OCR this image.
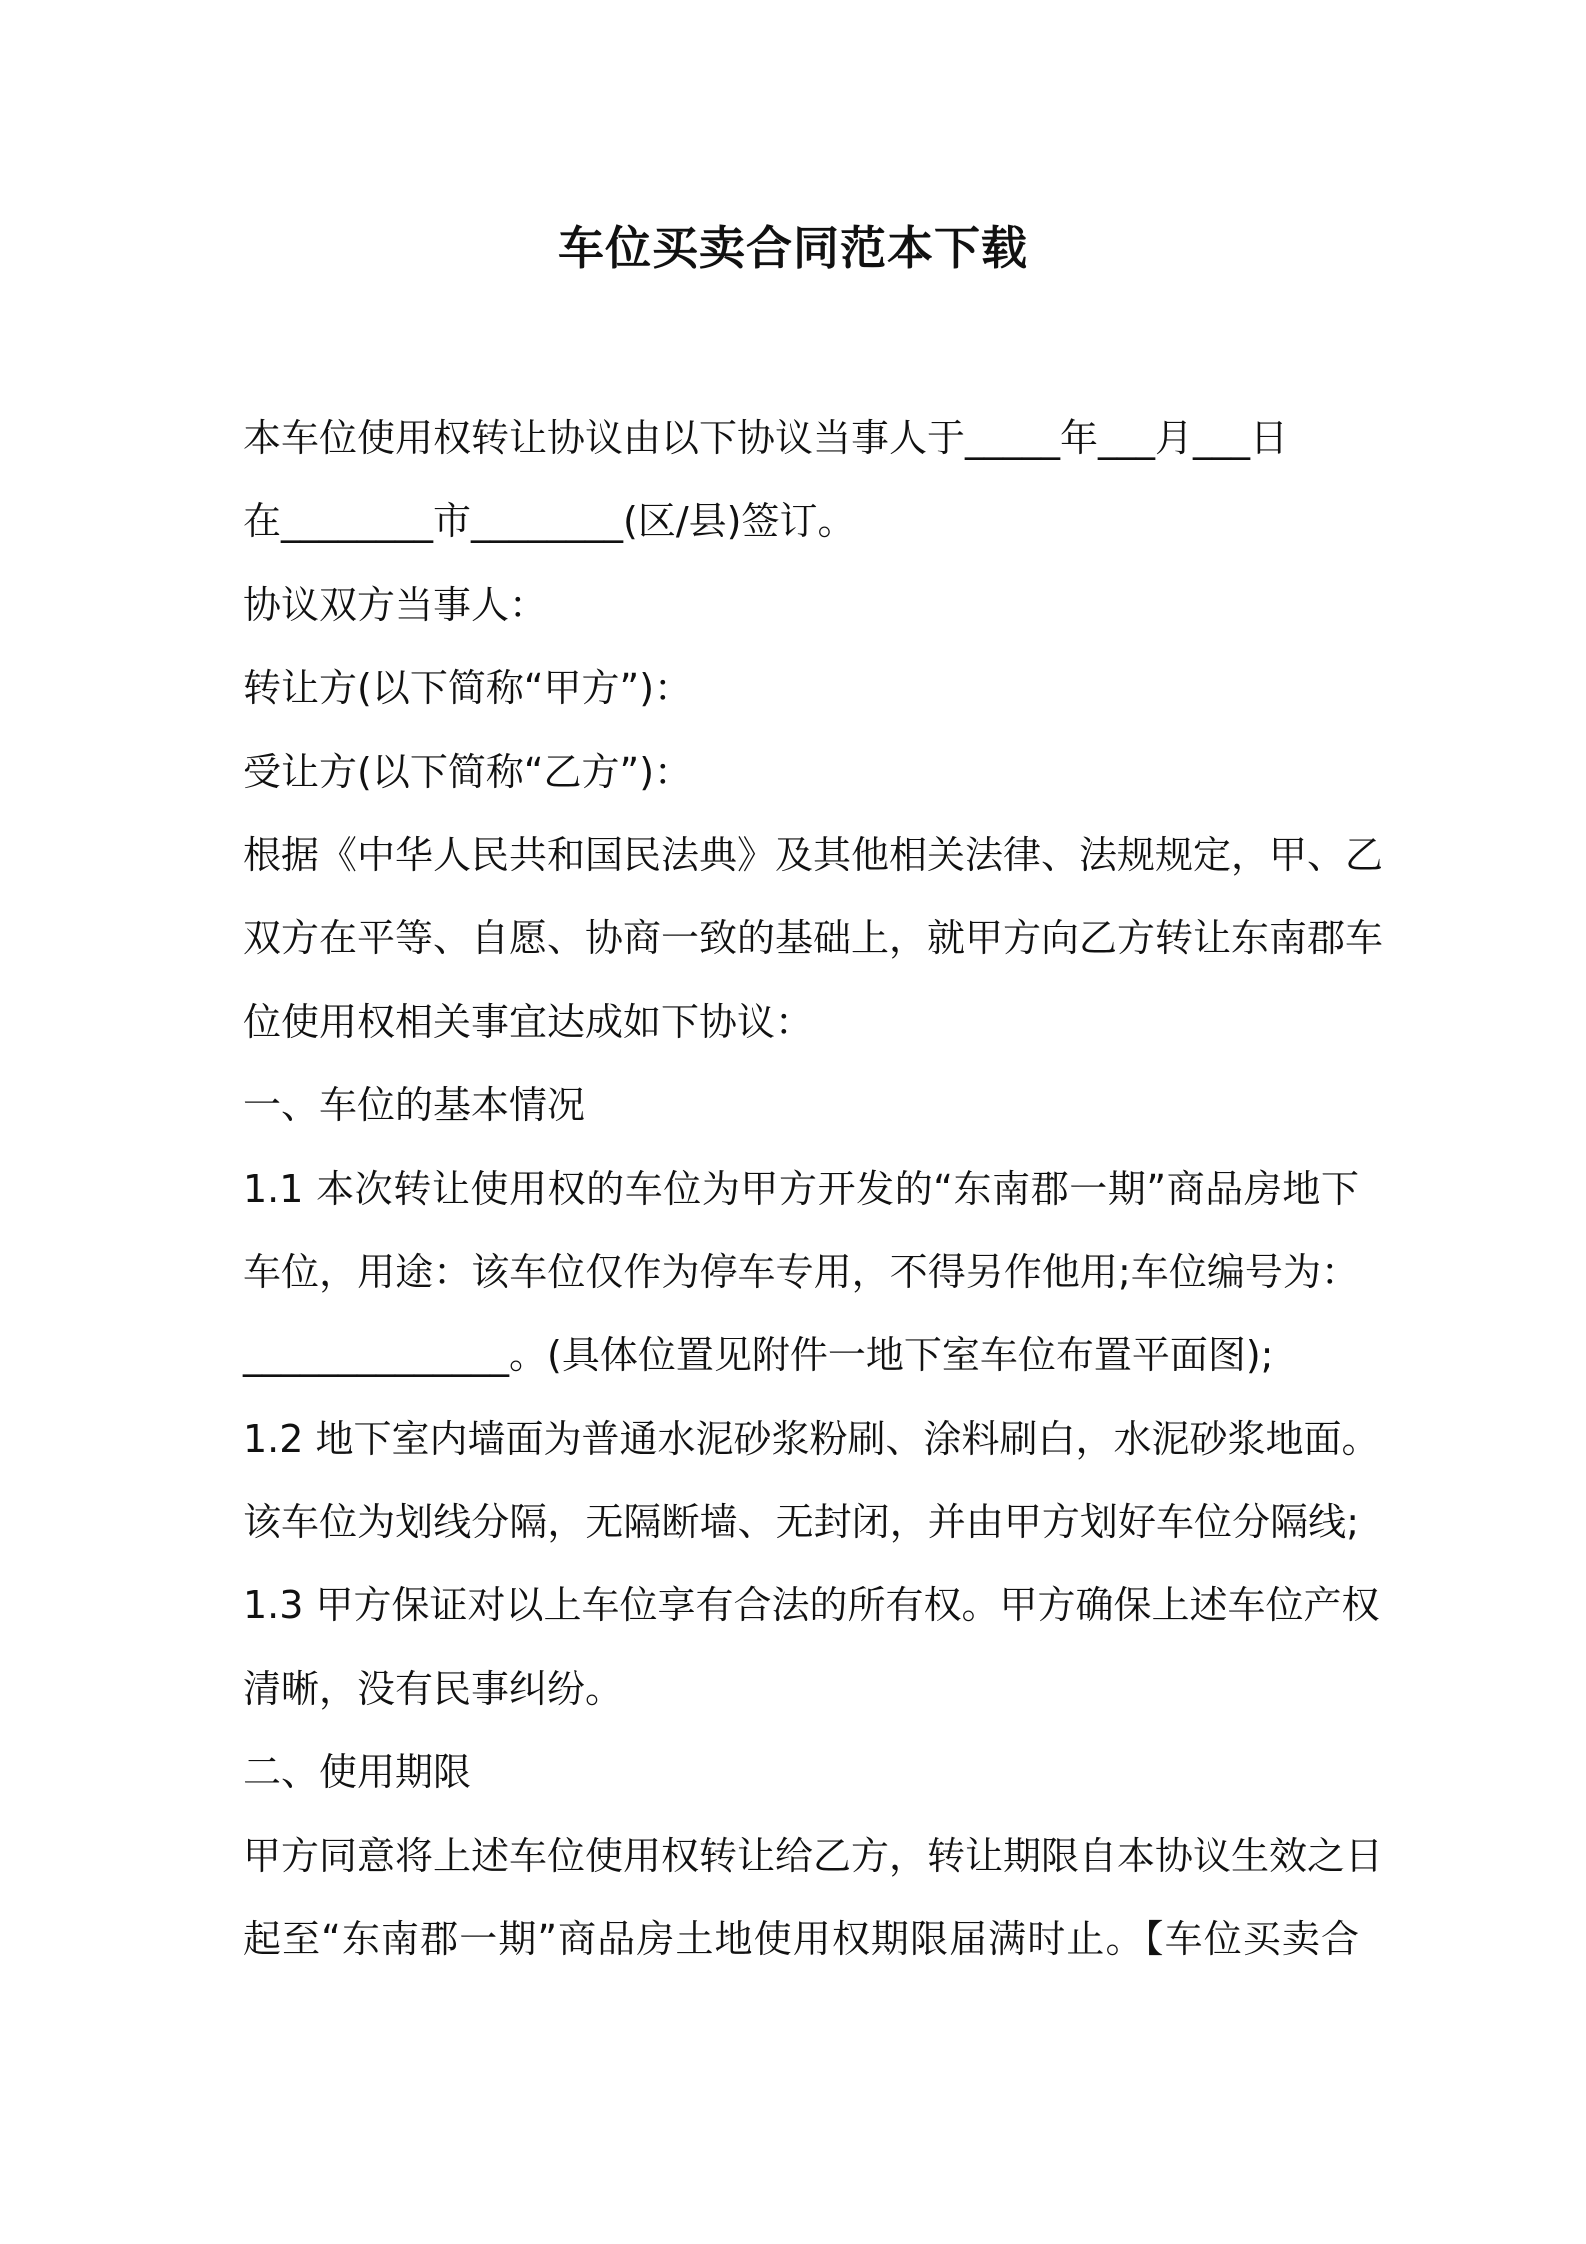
车位买卖合同范本下载
本车位使用权转让协议由以下协议当事人于_____年___月___日
在________市________(区/县)签订。
协议双方当事人：
转让方(以下简称“甲方”)：
受让方(以下简称“乙方”)：
根据《中华人民共和国民法典》及其他相关法律、法规规定，甲、乙
双方在平等、自愿、协商一致的基础上，就甲方向乙方转让东南郡车
位使用权相关事宜达成如下协议：
一、车位的基本情况
1.1 本次转让使用权的车位为甲方开发的“东南郡一期”商品房地下
车位，用途：该车位仅作为停车专用，不得另作他用;车位编号为：
______________。(具体位置见附件一地下室车位布置平面图);
1.2 地下室内墙面为普通水泥砂浆粉刷、涂料刷白，水泥砂浆地面。
该车位为划线分隔，无隔断墙、无封闭，并由甲方划好车位分隔线;
1.3 甲方保证对以上车位享有合法的所有权。甲方确保上述车位产权
清晰，没有民事纠纷。
二、使用期限
甲方同意将上述车位使用权转让给乙方，转让期限自本协议生效之日
起至“东南郡一期”商品房土地使用权期限届满时止。【车位买卖合
